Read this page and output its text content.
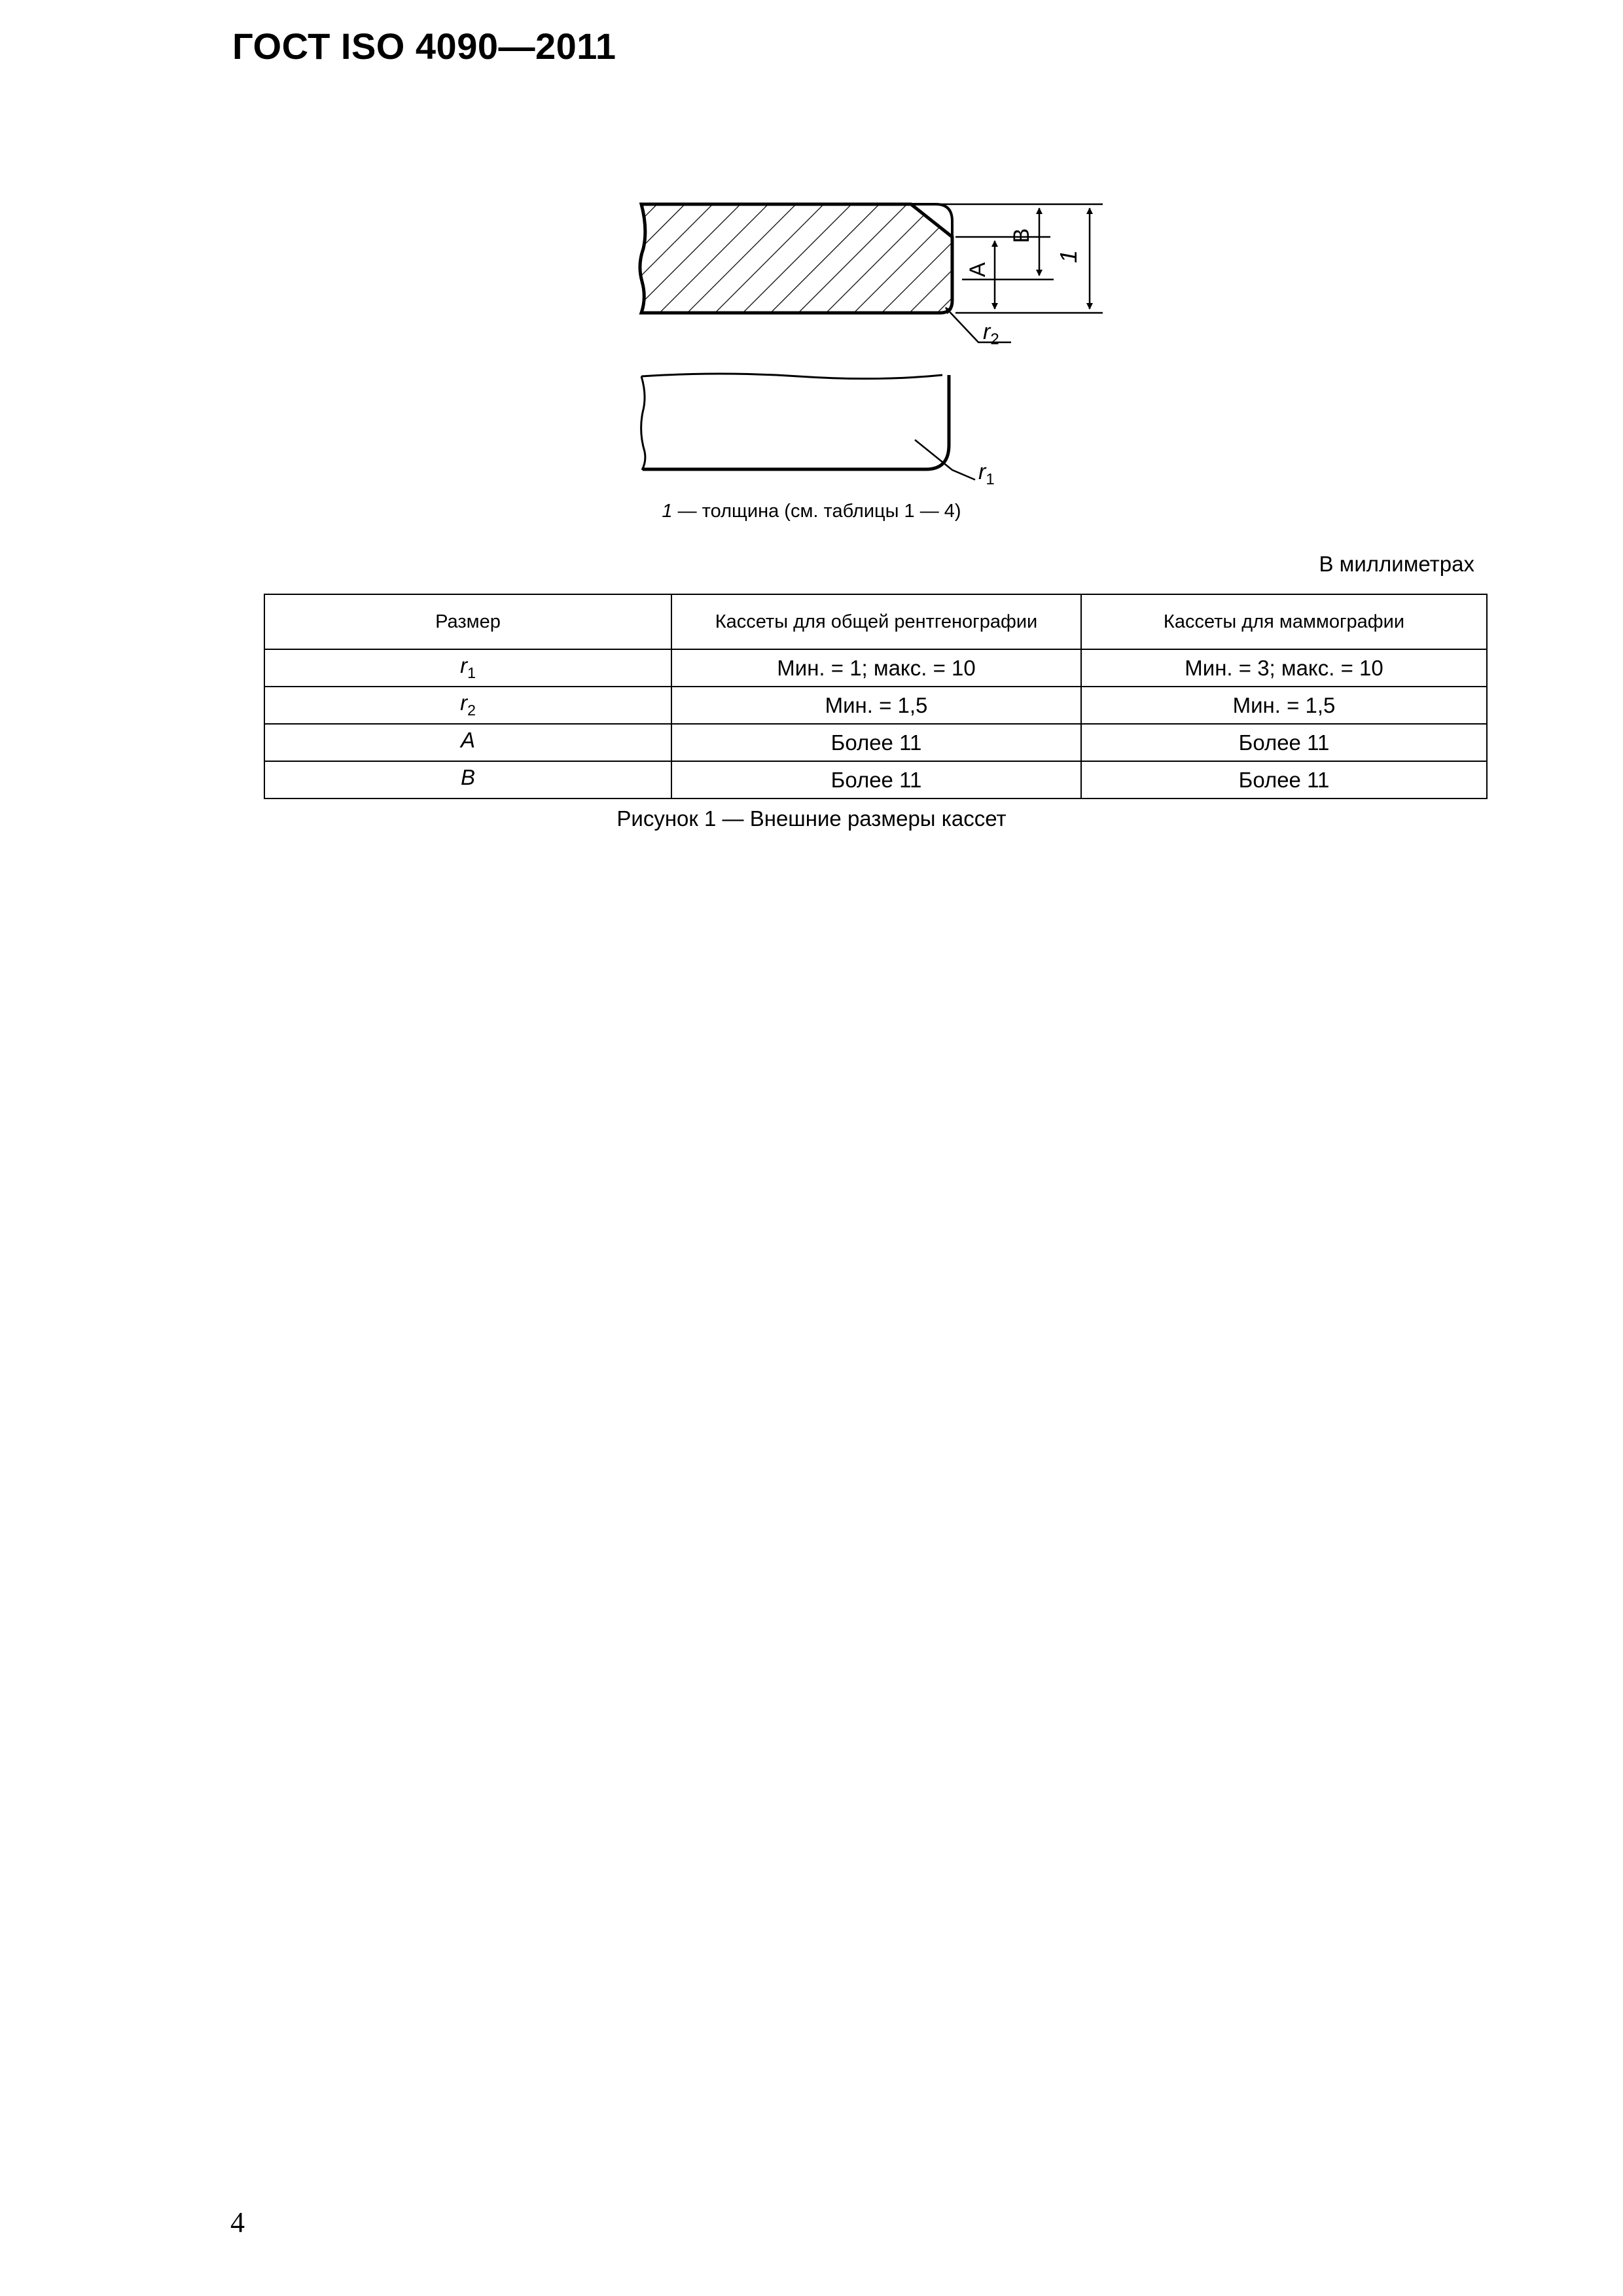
ГОСТ ISO 4090—2011
B
A
1
$r_2$
$r_1$
1 — толщина (см. таблицы 1 — 4)
В миллиметрах
Размер	Кассеты для общей рентгенографии	Кассеты для маммографии
$r_1$	Мин. = 1; макс. = 10	Мин. = 3; макс. = 10
$r_2$	Мин. = 1,5	Мин. = 1,5
A	Более 11	Более 11
B	Более 11	Более 11
Рисунок 1 — Внешние размеры кассет
4
